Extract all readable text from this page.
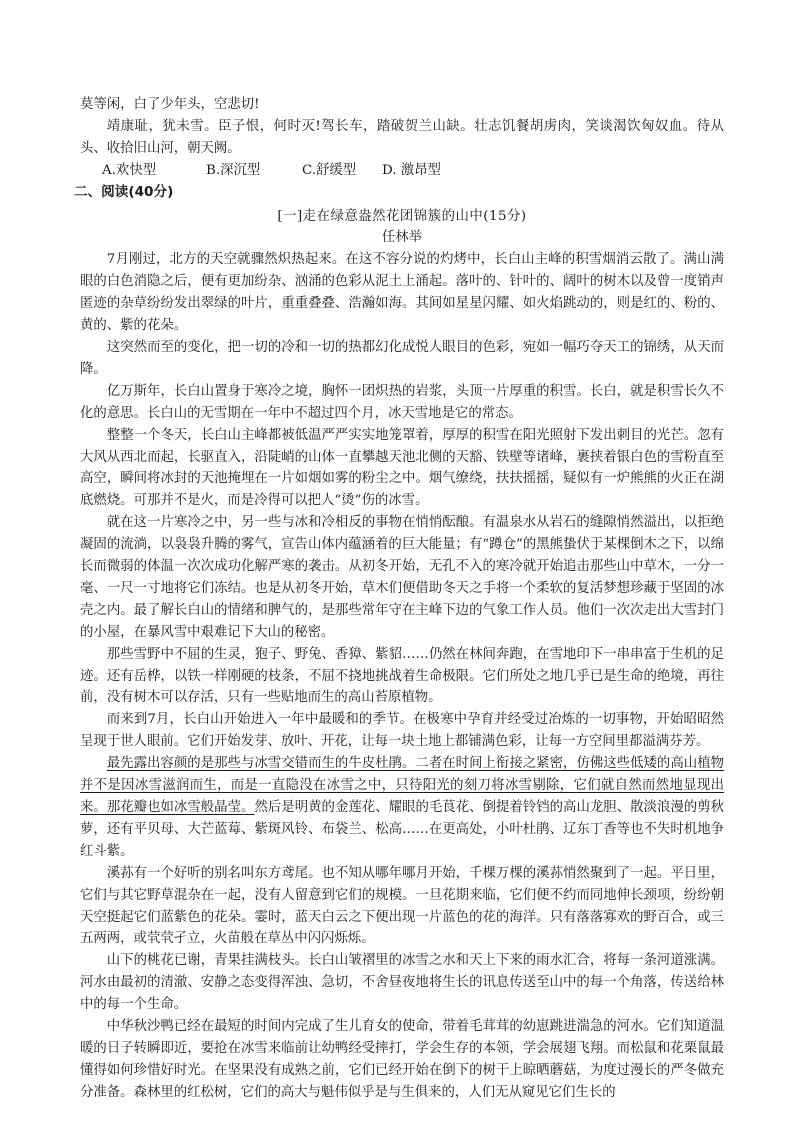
莫等闲，白了少年头，空悲切!

靖康耻，犹未雪。臣子恨，何时灭!驾长车，踏破贺兰山缺。壮志饥餐胡虏肉，笑谈渴饮匈奴血。待从头、收拾旧山河，朝天阙。

A.欢快型	B.深沉型	C.舒缓型	D. 激昂型

二、阅读(40分)

[一]走在绿意盎然花团锦簇的山中(15分)

任林举

7月刚过，北方的天空就骤然炽热起来。在这不容分说的灼烤中，长白山主峰的积雪烟消云散了。满山满眼的白色消隐之后，便有更加纷杂、汹涌的色彩从泥土上涌起。落叶的、针叶的、阔叶的树木以及曾一度销声匿迹的杂草纷纷发出翠绿的叶片，重重叠叠、浩瀚如海。其间如星星闪耀、如火焰跳动的，则是红的、粉的、黄的、紫的花朵。

这突然而至的变化，把一切的冷和一切的热都幻化成悦人眼目的色彩，宛如一幅巧夺天工的锦绣，从天而降。

亿万斯年，长白山置身于寒冷之境，胸怀一团炽热的岩浆，头顶一片厚重的积雪。长白，就是积雪长久不化的意思。长白山的无雪期在一年中不超过四个月，冰天雪地是它的常态。

整整一个冬天，长白山主峰都被低温严严实实地笼罩着，厚厚的积雪在阳光照射下发出刺目的光芒。忽有大风从西北而起，长驱直入，沿陡峭的山体一直攀越天池北侧的天豁、铁壁等诸峰，裹挟着银白色的雪粉直至高空，瞬间将冰封的天池掩埋在一片如烟如雾的粉尘之中。烟气缭绕，扶扶摇摇，疑似有一炉熊熊的火正在湖底燃烧。可那并不是火，而是冷得可以把人“烫”伤的冰雪。

就在这一片寒冷之中，另一些与冰和冷相反的事物在悄悄酝酿。有温泉水从岩石的缝隙悄然溢出，以拒绝凝固的流淌，以袅袅升腾的雾气，宣告山体内蕴涵着的巨大能量；有“蹲仓”的黑熊蛰伏于某棵倒木之下，以绵长而微弱的体温一次次成功化解严寒的袭击。从初冬开始，无孔不入的寒冷就开始追击那些山中草木，一分一毫、一尺一寸地将它们冻结。也是从初冬开始，草木们便借助冬天之手将一个柔软的复活梦想珍藏于坚固的冰壳之内。最了解长白山的情绪和脾气的，是那些常年守在主峰下边的气象工作人员。他们一次次走出大雪封门的小屋，在暴风雪中艰难记下大山的秘密。

那些雪野中不屈的生灵，狍子、野兔、香獐、紫貂……仍然在林间奔跑，在雪地印下一串串富于生机的足迹。还有岳桦，以铁一样刚硬的枝条，不屈不挠地挑战着生命极限。它们所处之地几乎已是生命的绝境，再往前，没有树木可以存活，只有一些贴地而生的高山苔原植物。

而来到7月，长白山开始进入一年中最暖和的季节。在极寒中孕育并经受过冶炼的一切事物，开始昭昭然呈现于世人眼前。它们开始发芽、放叶、开花，让每一块土地上都铺满色彩，让每一方空间里都溢满芬芳。

最先露出容颜的是那些与冰雪交错而生的牛皮杜鹃。二者在时间上衔接之紧密，仿佛这些低矮的高山植物并不是因冰雪滋润而生，而是一直隐没在冰雪之中，只待阳光的刻刀将冰雪剔除，它们就自然而然地显现出来。那花瓣也如冰雪般晶莹。然后是明黄的金莲花、耀眼的毛茛花、倒提着铃铛的高山龙胆、散淡浪漫的剪秋萝，还有平贝母、大芒蓝莓、紫斑风铃、布袋兰、松高……在更高处，小叶杜鹃、辽东丁香等也不失时机地争红斗紫。

溪荪有一个好听的别名叫东方鸢尾。也不知从哪年哪月开始，千棵万棵的溪荪悄然聚到了一起。平日里，它们与其它野草混杂在一起，没有人留意到它们的规模。一旦花期来临，它们便不约而同地伸长颈项，纷纷朝天空挺起它们蓝紫色的花朵。霎时，蓝天白云之下便出现一片蓝色的花的海洋。只有落落寡欢的野百合，或三五两两，或茕茕孑立，火苗般在草丛中闪闪烁烁。

山下的桃花已谢，青果挂满枝头。长白山皱褶里的冰雪之水和天上下来的雨水汇合，将每一条河道涨满。河水由最初的清澈、安静之态变得浑浊、急切，不舍昼夜地将生长的讯息传送至山中的每一个角落，传送给林中的每一个生命。

中华秋沙鸭已经在最短的时间内完成了生儿育女的使命，带着毛茸茸的幼崽跳进湍急的河水。它们知道温暖的日子转瞬即近，要抢在冰雪来临前让幼鸭经受摔打，学会生存的本领，学会展翅飞翔。而松鼠和花栗鼠最懂得如何珍惜好时光。在坚果没有成熟之前，它们已经开始在倒下的树干上晾晒蘑菇，为度过漫长的严冬做充分准备。森林里的红松树，它们的高大与魁伟似乎是与生俱来的，人们无从窥见它们生长的
